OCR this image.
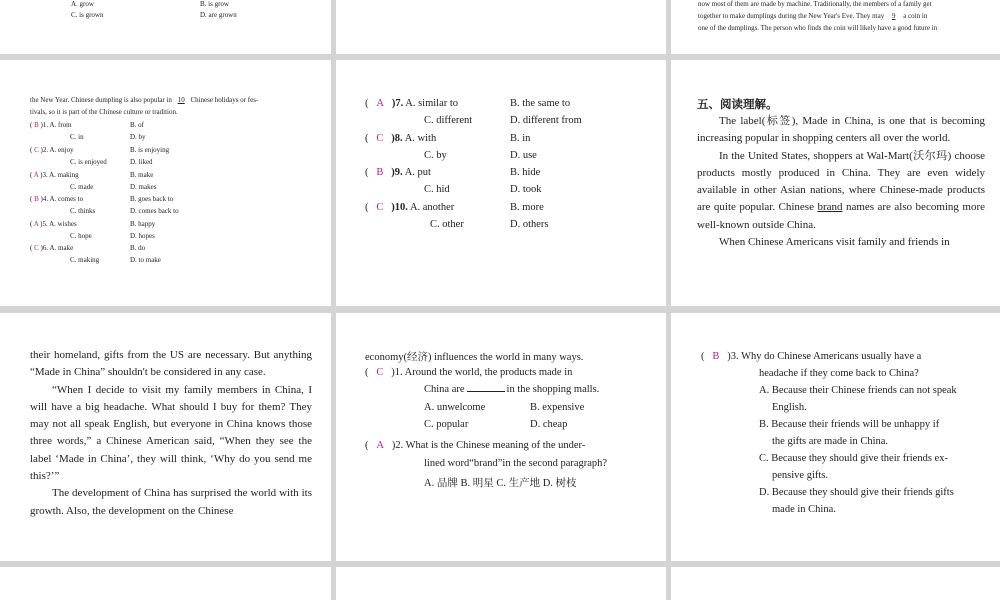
A. grow	B. is grow
C. is grown	D. are grown
now most of them are made by machine. Traditionally, the members of a family get
together to make dumplings during the New Year's Eve. They may 9 a coin in
one of the dumplings. The person who finds the coin will likely have a good future in
the New Year. Chinese dumpling is also popular in 10 Chinese holidays or fes-
tivals, so it is part of the Chinese culture or tradition.
( B )1. A. from	B. of
C. in	D. by
( C )2. A. enjoy	B. is enjoying
C. is enjoyed	D. liked
( A )3. A. making	B. make
C. made	D. makes
( B )4. A. comes to	B. goes back to
C. thinks	D. comes back to
( A )5. A. wishes	B. happy
C. hope	D. hopes
( C )6. A. make	B. do
C. making	D. to make
(   A )7. A. similar to	B. the same to
C. different	D. different from
(   C )8. A. with	B. in
C. by	D. use
(   B )9. A. put	B. hide
C. hid	D. took
(   C )10. A. another	B. more
C. other	D. others
五、阅读理解。

The label(标签), Made in China, is one that is becoming increasing popular in shopping centers all over the world.

In the United States, shoppers at Wal-Mart(沃尔玛) choose products mostly produced in China. They are even widely available in other Asian nations, where Chinese-made products are quite popular. Chinese brand names are also becoming more well-known outside China.

When Chinese Americans visit family and friends in

their homeland, gifts from the US are necessary. But anything “Made in China” shouldn't be considered in any case.

“When I decide to visit my family members in China, I will have a big headache. What should I buy for them? They may not all speak English, but everyone in China knows those three words,” a Chinese American said, “When they see the label ‘Made in China’, they will think, ‘Why do you send me this?’”

The development of China has surprised the world with its growth. Also, the development on the Chinese

economy(经济) influences the world in many ways.
(   C )1. Around the world, the products made in
China are	in the shopping malls.
A. unwelcome	B. expensive
C. popular	D. cheap
(   A )2. What is the Chinese meaning of the under-
lined word“brand”in the second paragraph?
A. 品牌 B. 明星 C. 生产地 D. 树枝
(   B )3. Why do Chinese Americans usually have a
headache if they come back to China?
A. Because their Chinese friends can not speak
English.
B. Because their friends will be unhappy if
the gifts are made in China.
C. Because they should give their friends ex-
pensive gifts.
D. Because they should give their friends gifts
made in China.
